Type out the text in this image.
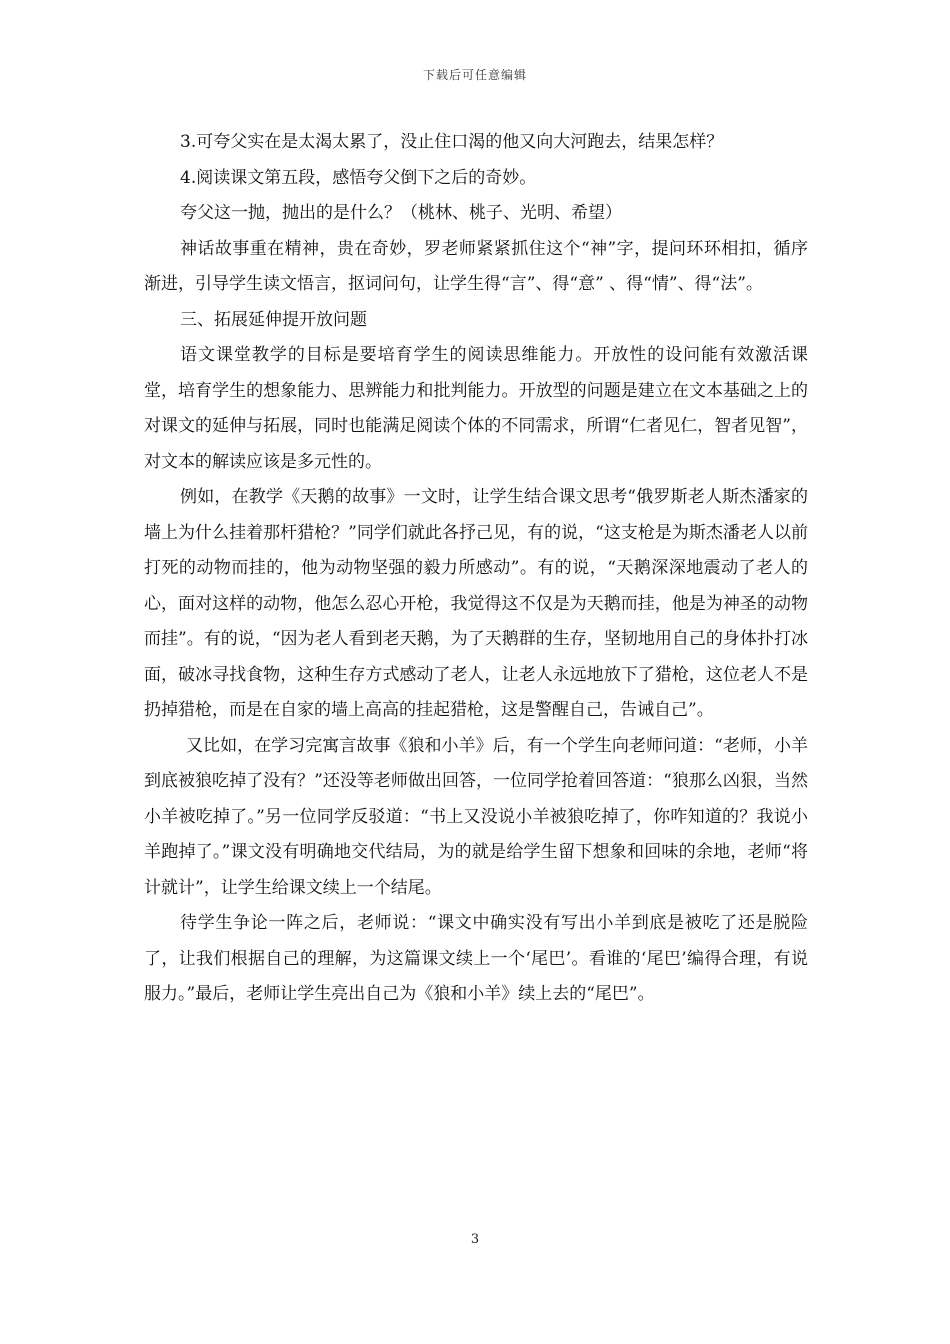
下载后可任意编辑

3.可夸父实在是太渴太累了，没止住口渴的他又向大河跑去，结果怎样？

4.阅读课文第五段，感悟夸父倒下之后的奇妙。

夸父这一抛，抛出的是什么？（桃林、桃子、光明、希望）

神话故事重在精神，贵在奇妙，罗老师紧紧抓住这个“神”字，提问环环相扣，循序渐进，引导学生读文悟言，抠词问句，让学生得“言”、得“意” 、得“情”、得“法”。

三、拓展延伸提开放问题

语文课堂教学的目标是要培育学生的阅读思维能力。开放性的设问能有效激活课堂，培育学生的想象能力、思辨能力和批判能力。开放型的问题是建立在文本基础之上的对课文的延伸与拓展，同时也能满足阅读个体的不同需求，所谓“仁者见仁，智者见智”，对文本的解读应该是多元性的。

例如，在教学《天鹅的故事》一文时，让学生结合课文思考“俄罗斯老人斯杰潘家的墙上为什么挂着那杆猎枪？”同学们就此各抒己见，有的说，“这支枪是为斯杰潘老人以前打死的动物而挂的，他为动物坚强的毅力所感动”。有的说，“天鹅深深地震动了老人的心，面对这样的动物，他怎么忍心开枪，我觉得这不仅是为天鹅而挂，他是为神圣的动物而挂”。有的说，“因为老人看到老天鹅，为了天鹅群的生存，坚韧地用自己的身体扑打冰面，破冰寻找食物，这种生存方式感动了老人，让老人永远地放下了猎枪，这位老人不是扔掉猎枪，而是在自家的墙上高高的挂起猎枪，这是警醒自己，告诫自己”。

又比如，在学习完寓言故事《狼和小羊》后，有一个学生向老师问道：“老师，小羊到底被狼吃掉了没有？”还没等老师做出回答，一位同学抢着回答道：“狼那么凶狠，当然小羊被吃掉了。”另一位同学反驳道：“书上又没说小羊被狼吃掉了，你咋知道的？我说小羊跑掉了。”课文没有明确地交代结局，为的就是给学生留下想象和回味的余地，老师“将计就计”，让学生给课文续上一个结尾。

待学生争论一阵之后，老师说：“课文中确实没有写出小羊到底是被吃了还是脱险了，让我们根据自己的理解，为这篇课文续上一个‘尾巴’。看谁的‘尾巴’编得合理，有说服力。”最后，老师让学生亮出自己为《狼和小羊》续上去的“尾巴”。

3
